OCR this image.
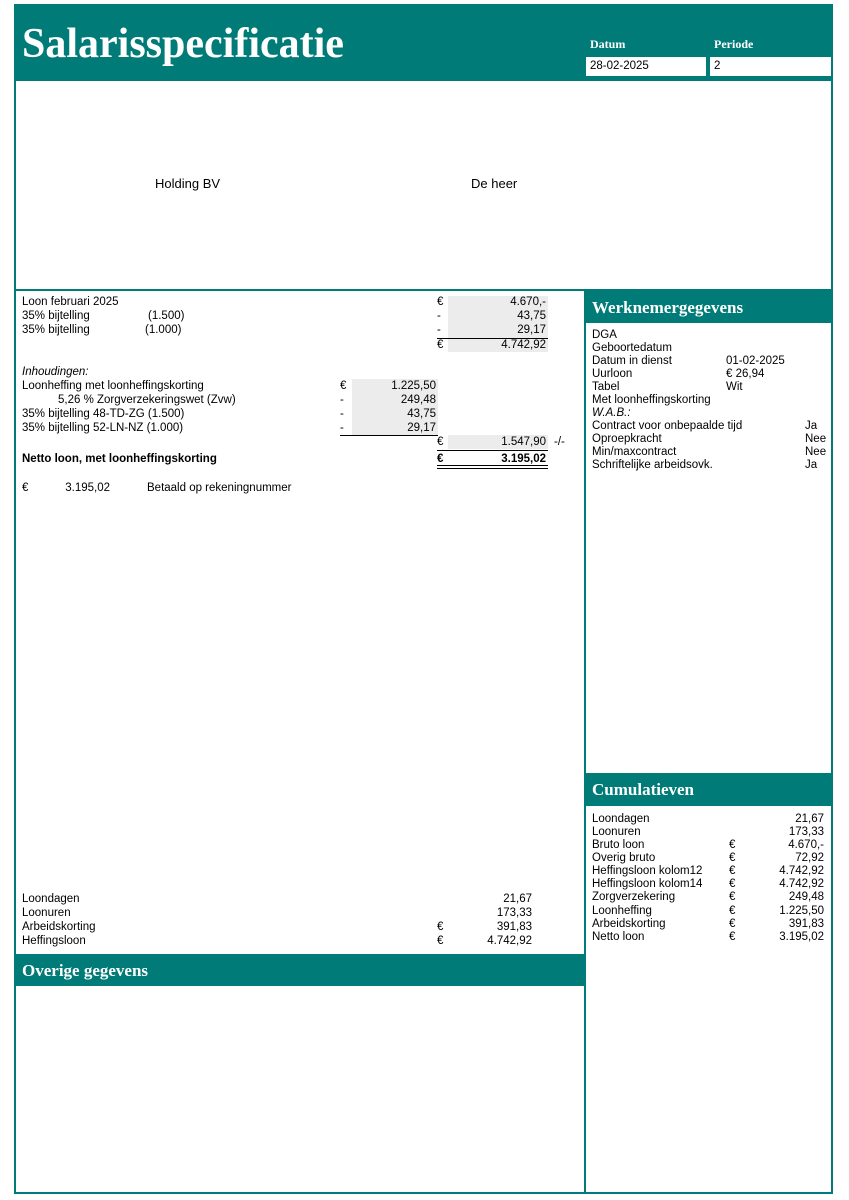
Salarisspecificatie	Datum	Periode
28-02-2025	2
Holding BV	De heer
Loon februari 2025	€	4.670,-
35% bijtelling	(1.500)	-	43,75
35% bijtelling	(1.000)	-	29,17
€	4.742,92
Inhoudingen:
Loonheffing met loonheffingskorting	€	1.225,50
5,26 % Zorgverzekeringswet (Zvw)	-	249,48
35% bijtelling 48-TD-ZG (1.500)	-	43,75
35% bijtelling 52-LN-NZ (1.000)	-	29,17
€	1.547,90 -/-
Netto loon, met loonheffingskorting	€	3.195,02
€	3.195,02	Betaald op rekeningnummer
Loondagen	21,67
Loonuren	173,33
Arbeidskorting	€	391,83
Heffingsloon	€	4.742,92
Overige gegevens
Werknemergegevens
DGA
Geboortedatum
Datum in dienst	01-02-2025
Uurloon	€ 26,94
Tabel	Wit
Met loonheffingskorting
W.A.B.:
Contract voor onbepaalde tijd	Ja
Oproepkracht	Nee
Min/maxcontract	Nee
Schriftelijke arbeidsovk.	Ja
Cumulatieven
Loondagen	21,67
Loonuren	173,33
Bruto loon	€	4.670,-
Overig bruto	€	72,92
Heffingsloon kolom12 €	4.742,92
Heffingsloon kolom14 €	4.742,92
Zorgverzekering	€	249,48
Loonheffing	€	1.225,50
Arbeidskorting	€	391,83
Netto loon	€	3.195,02
